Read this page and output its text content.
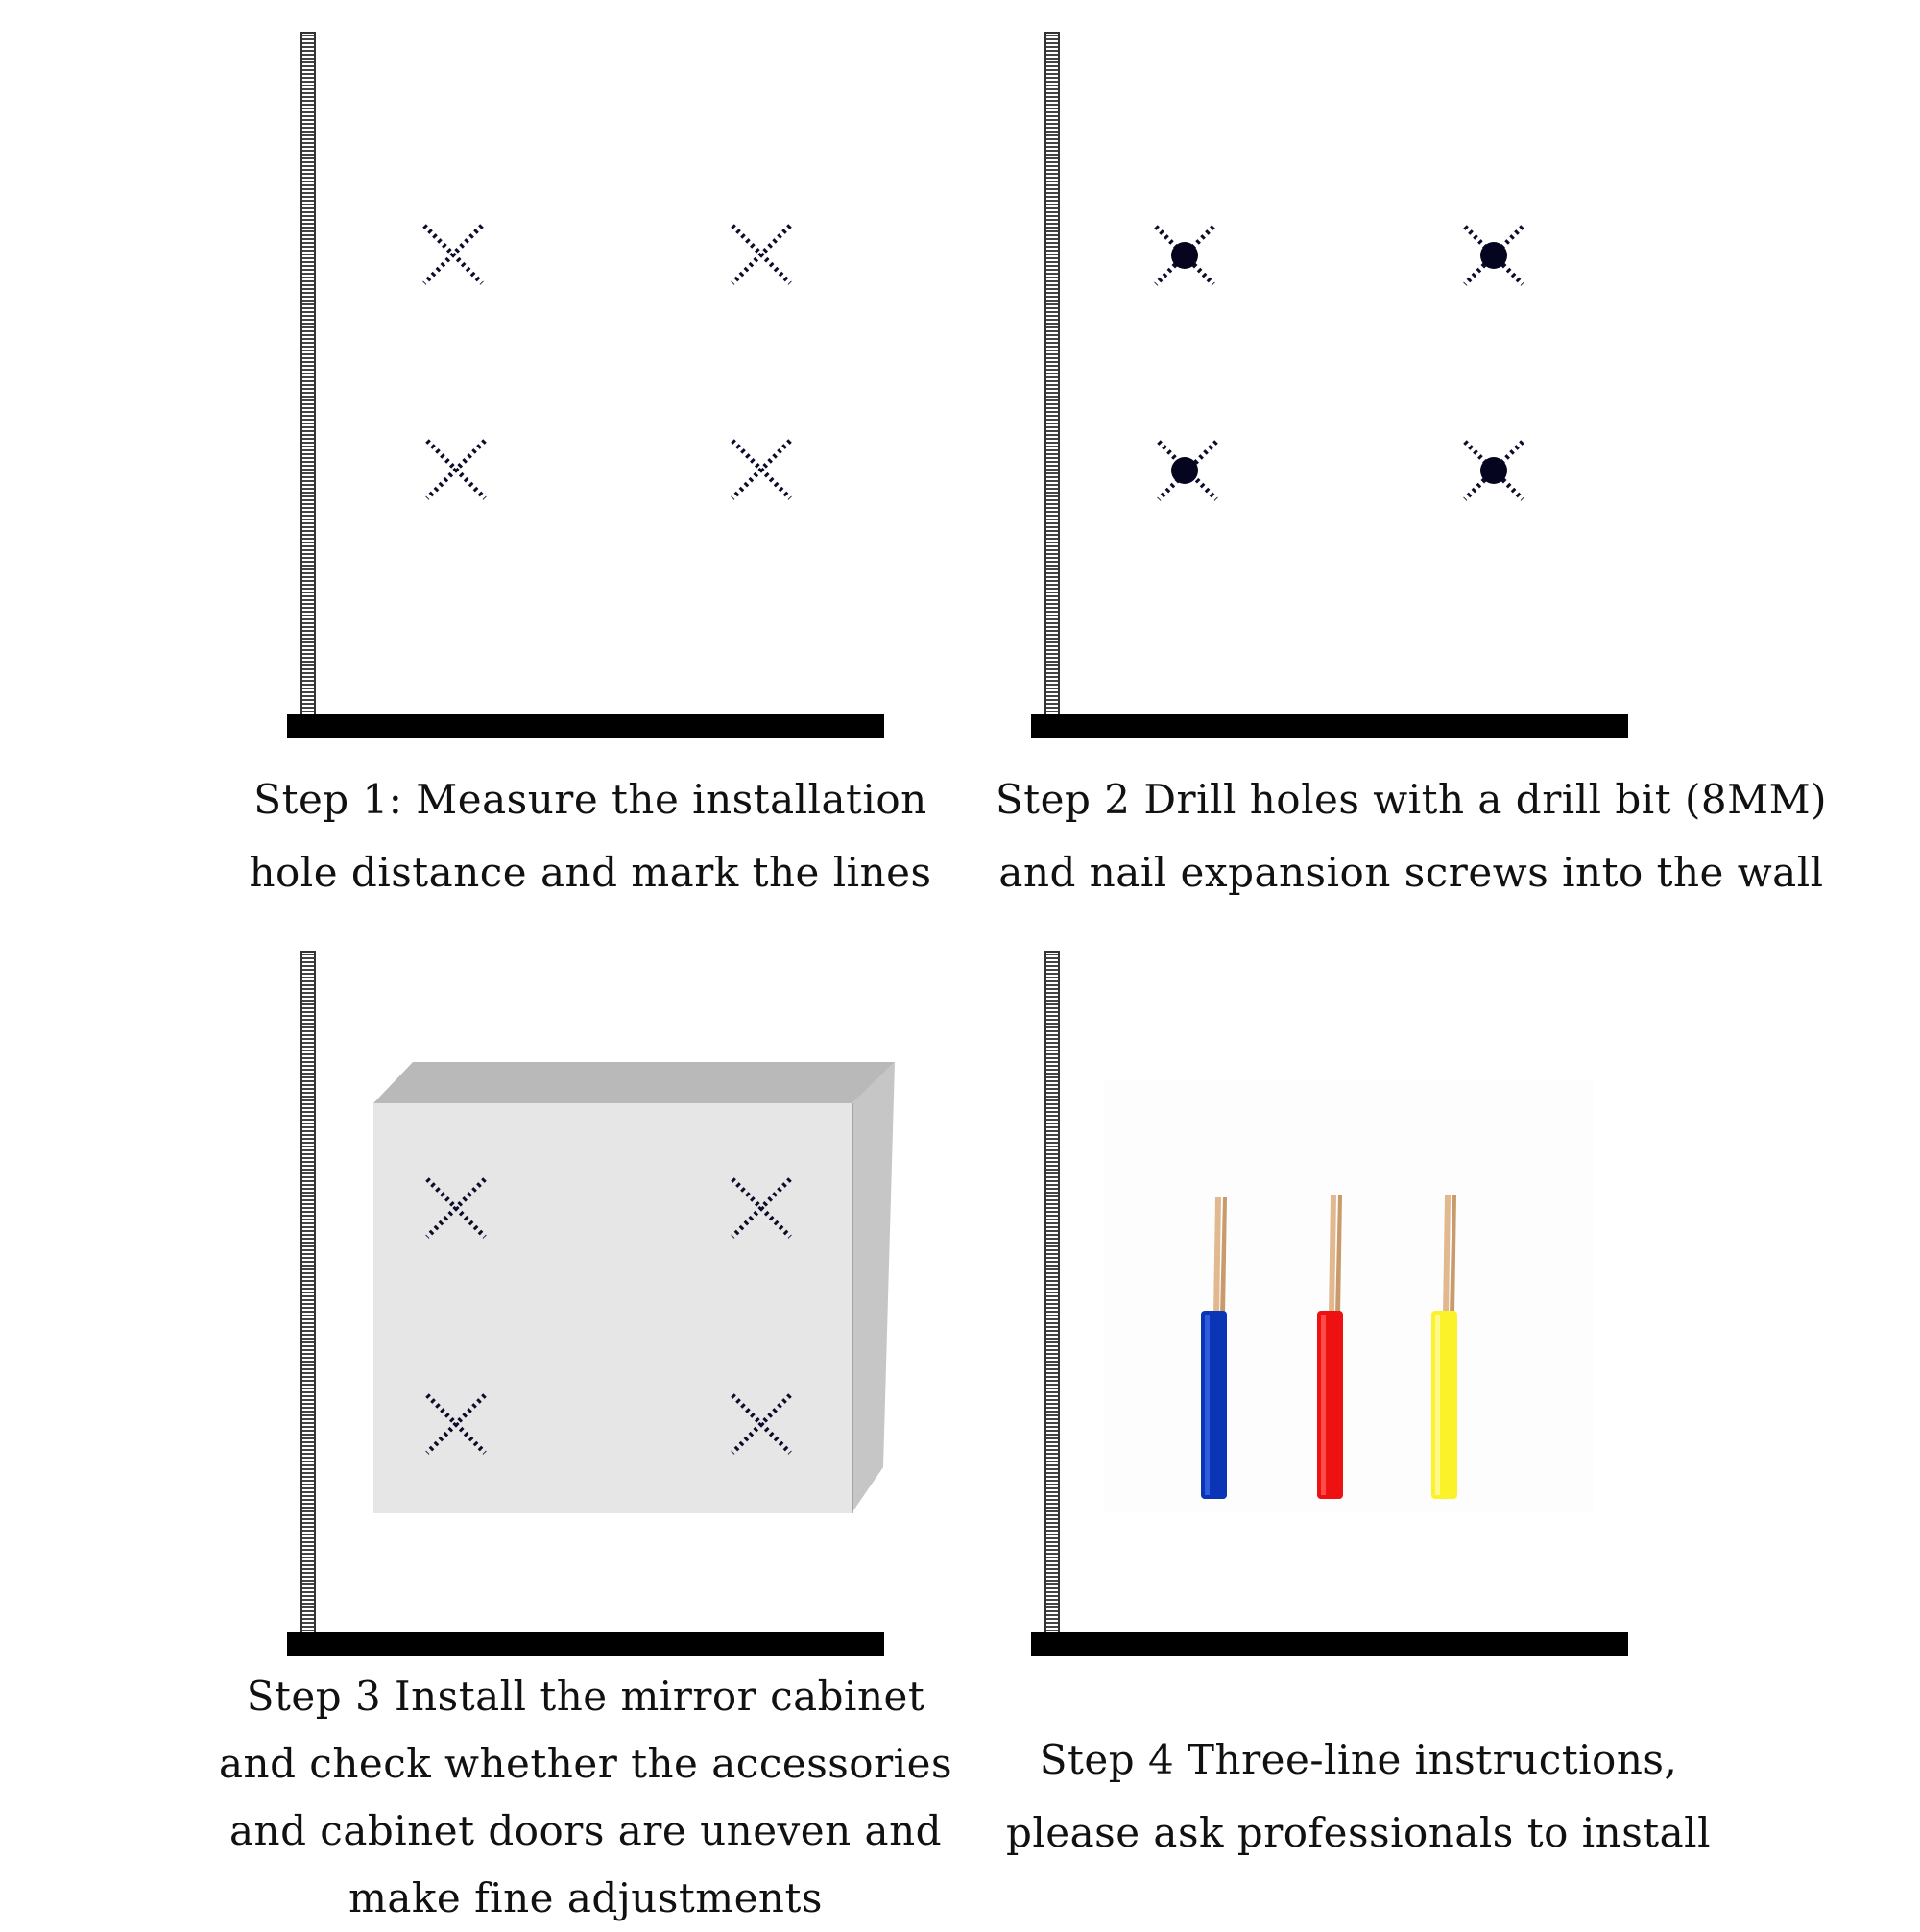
Step 1: Measure the installation
hole distance and mark the lines
Step 2 Drill holes with a drill bit (8MM)
and nail expansion screws into the wall
Step 3 Install the mirror cabinet
and check whether the accessories
and cabinet doors are uneven and
make fine adjustments
Step 4 Three-line instructions,
please ask professionals to install
